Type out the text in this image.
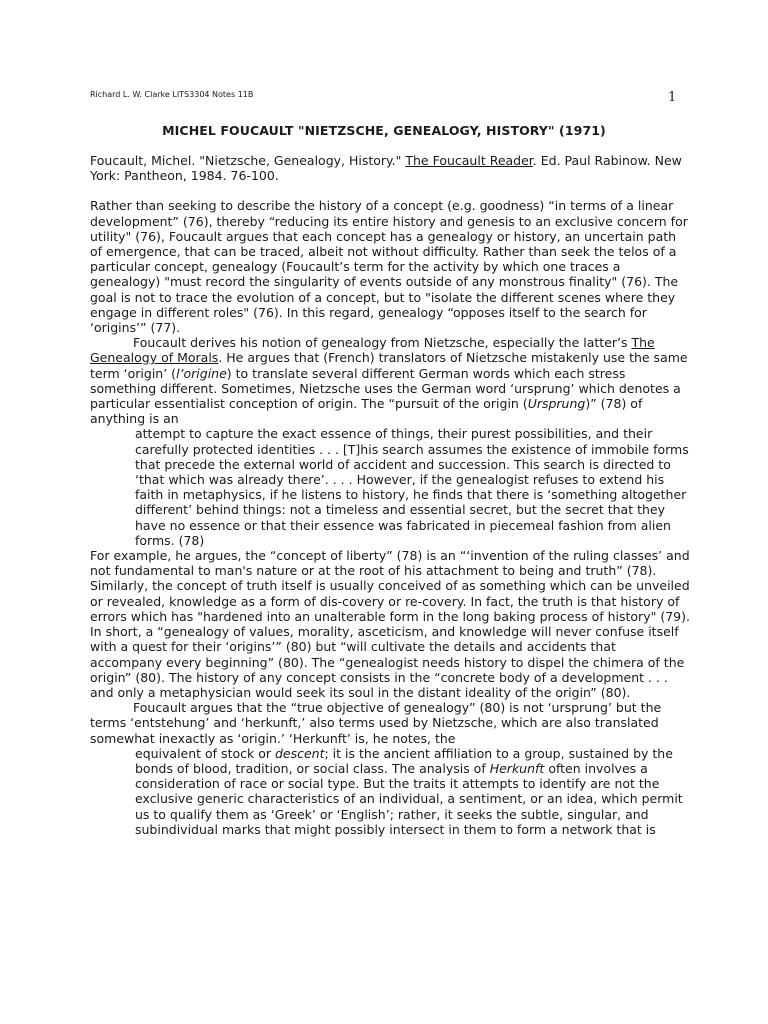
Richard L. W. Clarke LITS3304 Notes 11B	1
MICHEL FOUCAULT "NIETZSCHE, GENEALOGY, HISTORY" (1971)

Foucault, Michel. "Nietzsche, Genealogy, History." The Foucault Reader. Ed. Paul Rabinow. New York: Pantheon, 1984. 76-100.

Rather than seeking to describe the history of a concept (e.g. goodness) “in terms of a linear development” (76), thereby “reducing its entire history and genesis to an exclusive concern for utility" (76), Foucault argues that each concept has a genealogy or history, an uncertain path of emergence, that can be traced, albeit not without difficulty. Rather than seek the telos of a particular concept, genealogy (Foucault’s term for the activity by which one traces a genealogy) "must record the singularity of events outside of any monstrous finality" (76). The goal is not to trace the evolution of a concept, but to "isolate the different scenes where they engage in different roles" (76). In this regard, genealogy “opposes itself to the search for ‘origins’” (77).

Foucault derives his notion of genealogy from Nietzsche, especially the latter’s The Genealogy of Morals. He argues that (French) translators of Nietzsche mistakenly use the same term ‘origin’ (l’origine) to translate several different German words which each stress something different. Sometimes, Nietzsche uses the German word ‘ursprung’ which denotes a particular essentialist conception of origin. The “pursuit of the origin (Ursprung)” (78) of anything is an

attempt to capture the exact essence of things, their purest possibilities, and their carefully protected identities . . . [T]his search assumes the existence of immobile forms that precede the external world of accident and succession. This search is directed to ‘that which was already there’. . . . However, if the genealogist refuses to extend his faith in metaphysics, if he listens to history, he finds that there is ‘something altogether different’ behind things: not a timeless and essential secret, but the secret that they have no essence or that their essence was fabricated in piecemeal fashion from alien forms. (78)

For example, he argues, the “concept of liberty” (78) is an “‘invention of the ruling classes’ and not fundamental to man's nature or at the root of his attachment to being and truth” (78). Similarly, the concept of truth itself is usually conceived of as something which can be unveiled or revealed, knowledge as a form of dis-covery or re-covery. In fact, the truth is that history of errors which has "hardened into an unalterable form in the long baking process of history" (79). In short, a “genealogy of values, morality, asceticism, and knowledge will never confuse itself with a quest for their ‘origins’” (80) but “will cultivate the details and accidents that accompany every beginning” (80). The “genealogist needs history to dispel the chimera of the origin” (80). The history of any concept consists in the “concrete body of a development . . . and only a metaphysician would seek its soul in the distant ideality of the origin” (80).

Foucault argues that the “true objective of genealogy” (80) is not ‘ursprung’ but the terms ‘entstehung’ and ‘herkunft,’ also terms used by Nietzsche, which are also translated somewhat inexactly as ‘origin.’ ‘Herkunft’ is, he notes, the

equivalent of stock or descent; it is the ancient affiliation to a group, sustained by the bonds of blood, tradition, or social class. The analysis of Herkunft often involves a consideration of race or social type. But the traits it attempts to identify are not the exclusive generic characteristics of an individual, a sentiment, or an idea, which permit us to qualify them as ‘Greek’ or ‘English’; rather, it seeks the subtle, singular, and subindividual marks that might possibly intersect in them to form a network that is
